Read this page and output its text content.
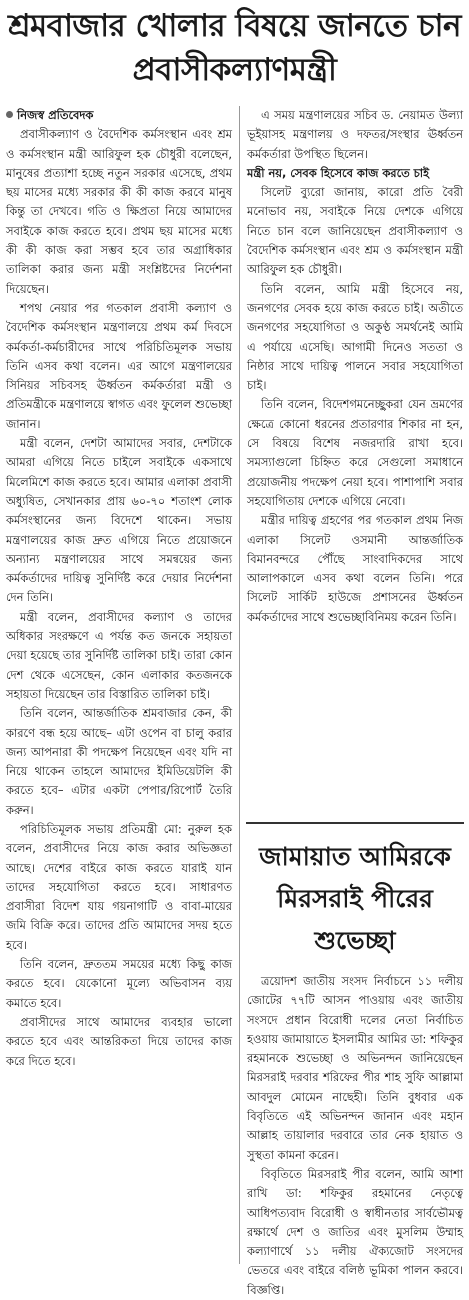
শ্রমবাজার খোলার বিষয়ে জানতে চান প্রবাসীকল্যাণমন্ত্রী

নিজস্ব প্রতিবেদক

প্রবাসীকল্যাণ ও বৈদেশিক কর্মসংস্থান এবং শ্রম ও কর্মসংস্থান মন্ত্রী আরিফুল হক চৌধুরী বলেছেন, মানুষের প্রত্যাশা হচ্ছে নতুন সরকার এসেছে, প্রথম ছয় মাসের মধ্যে সরকার কী কী কাজ করবে মানুষ কিন্তু তা দেখবে। গতি ও ক্ষিপ্রতা নিয়ে আমাদের সবাইকে কাজ করতে হবে। প্রথম ছয় মাসের মধ্যে কী কী কাজ করা সম্ভব হবে তার অগ্রাধিকার তালিকা করার জন্য মন্ত্রী সংশ্লিষ্টদের নির্দেশনা দিয়েছেন।

শপথ নেয়ার পর গতকাল প্রবাসী কল্যাণ ও বৈদেশিক কর্মসংস্থান মন্ত্রণালয়ে প্রথম কর্ম দিবসে কর্মকর্তা-কর্মচারীদের সাথে পরিচিতিমূলক সভায় তিনি এসব কথা বলেন। এর আগে মন্ত্রণালয়ের সিনিয়র সচিবসহ ঊর্ধ্বতন কর্মকর্তারা মন্ত্রী ও প্রতিমন্ত্রীকে মন্ত্রণালয়ে স্বাগত এবং ফুলেল শুভেচ্ছা জানান।

মন্ত্রী বলেন, দেশটা আমাদের সবার, দেশটাকে আমরা এগিয়ে নিতে চাইলে সবাইকে একসাথে মিলেমিশে কাজ করতে হবে। আমার এলাকা প্রবাসী অধ্যুষিত, সেখানকার প্রায় ৬০-৭০ শতাংশ লোক কর্মসংস্থানের জন্য বিদেশে থাকেন। সভায় মন্ত্রণালয়ের কাজ দ্রুত এগিয়ে নিতে প্রয়োজনে অন্যান্য মন্ত্রণালয়ের সাথে সমন্বয়ের জন্য কর্মকর্তাদের দায়িত্ব সুনির্দিষ্ট করে দেয়ার নির্দেশনা দেন তিনি।

মন্ত্রী বলেন, প্রবাসীদের কল্যাণ ও তাদের অধিকার সংরক্ষণে এ পর্যন্ত কত জনকে সহায়তা দেয়া হয়েছে তার সুনির্দিষ্ট তালিকা চাই। তারা কোন দেশ থেকে এসেছেন, কোন এলাকার কতজনকে সহায়তা দিয়েছেন তার বিস্তারিত তালিকা চাই।

তিনি বলেন, আন্তর্জাতিক শ্রমবাজার কেন, কী কারণে বন্ধ হয়ে আছে– এটা ওপেন বা চালু করার জন্য আপনারা কী পদক্ষেপ নিয়েছেন এবং যদি না নিয়ে থাকেন তাহলে আমাদের ইমিডিয়েটলি কী করতে হবে– এটার একটা পেপার/রিপোর্ট তৈরি করুন।

পরিচিতিমূলক সভায় প্রতিমন্ত্রী মো: নুরুল হক বলেন, প্রবাসীদের নিয়ে কাজ করার অভিজ্ঞতা আছে। দেশের বাইরে কাজ করতে যারাই যান তাদের সহযোগিতা করতে হবে। সাধারণত প্রবাসীরা বিদেশ যায় গয়নাগাটি ও বাবা-মায়ের জমি বিক্রি করে। তাদের প্রতি আমাদের সদয় হতে হবে।

তিনি বলেন, দ্রুততম সময়ের মধ্যে কিছু কাজ করতে হবে। যেকোনো মূল্যে অভিবাসন ব্যয় কমাতে হবে।

প্রবাসীদের সাথে আমাদের ব্যবহার ভালো করতে হবে এবং আন্তরিকতা দিয়ে তাদের কাজ করে দিতে হবে।

এ সময় মন্ত্রণালয়ের সচিব ড. নেয়ামত উল্যা ভূইয়াসহ মন্ত্রণালয় ও দফতর/সংস্থার ঊর্ধ্বতন কর্মকর্তারা উপস্থিত ছিলেন।

মন্ত্রী নয়, সেবক হিসেবে কাজ করতে চাই

সিলেট ব্যুরো জানায়, কারো প্রতি বৈরী মনোভাব নয়, সবাইকে নিয়ে দেশকে এগিয়ে নিতে চান বলে জানিয়েছেন প্রবাসীকল্যাণ ও বৈদেশিক কর্মসংস্থান এবং শ্রম ও কর্মসংস্থান মন্ত্রী আরিফুল হক চৌধুরী।

তিনি বলেন, আমি মন্ত্রী হিসেবে নয়, জনগণের সেবক হয়ে কাজ করতে চাই। অতীতে জনগণের সহযোগিতা ও অকুণ্ঠ সমর্থনেই আমি এ পর্যায়ে এসেছি। আগামী দিনেও সততা ও নিষ্ঠার সাথে দায়িত্ব পালনে সবার সহযোগিতা চাই।

তিনি বলেন, বিদেশগমনেচ্ছুকরা যেন ভ্রমণের ক্ষেত্রে কোনো ধরনের প্রতারণার শিকার না হন, সে বিষয়ে বিশেষ নজরদারি রাখা হবে। সমস্যাগুলো চিহ্নিত করে সেগুলো সমাধানে প্রয়োজনীয় পদক্ষেপ নেয়া হবে। পাশাপাশি সবার সহযোগিতায় দেশকে এগিয়ে নেবো।

মন্ত্রীর দায়িত্ব গ্রহণের পর গতকাল প্রথম নিজ এলাকা সিলেট ওসমানী আন্তর্জাতিক বিমানবন্দরে পৌঁছে সাংবাদিকদের সাথে আলাপকালে এসব কথা বলেন তিনি। পরে সিলেট সার্কিট হাউজে প্রশাসনের ঊর্ধ্বতন কর্মকর্তাদের সাথে শুভেচ্ছাবিনিময় করেন তিনি।

জামায়াত আমিরকে মিরসরাই পীরের শুভেচ্ছা

ত্রয়োদশ জাতীয় সংসদ নির্বাচনে ১১ দলীয় জোটের ৭৭টি আসন পাওয়ায় এবং জাতীয় সংসদে প্রধান বিরোধী দলের নেতা নির্বাচিত হওয়ায় জামায়াতে ইসলামীর আমির ডা: শফিকুর রহমানকে শুভেচ্ছা ও অভিনন্দন জানিয়েছেন মিরসরাই দরবার শরিফের পীর শাহ সুফি আল্লামা আবদুল মোমেন নাছেহী। তিনি বুধবার এক বিবৃতিতে এই অভিনন্দন জানান এবং মহান আল্লাহ তায়ালার দরবারে তার নেক হায়াত ও সুস্থতা কামনা করেন।

বিবৃতিতে মিরসরাই পীর বলেন, আমি আশা রাখি ডা: শফিকুর রহমানের নেতৃত্বে আধিপত্যবাদ বিরোধী ও স্বাধীনতার সার্বভৌমত্ব রক্ষার্থে দেশ ও জাতির এবং মুসলিম উম্মাহ কল্যাণার্থে ১১ দলীয় ঐক্যজোট সংসদের ভেতরে এবং বাইরে বলিষ্ঠ ভূমিকা পালন করবে। বিজ্ঞপ্তি।
